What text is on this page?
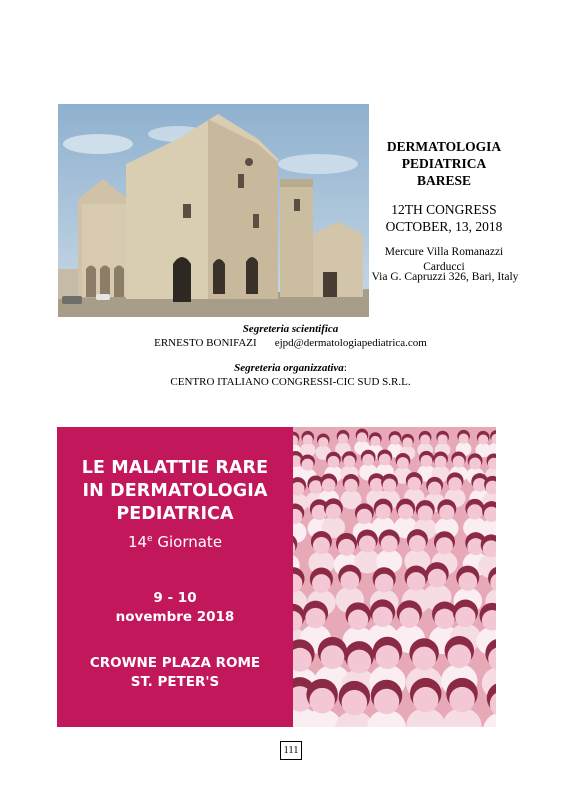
DERMATOLOGIA
PEDIATRICA
BARESE
12TH CONGRESS
OCTOBER, 13, 2018
Mercure Villa Romanazzi
Carducci
Via G. Capruzzi 326, Bari, Italy
Segreteria scientifica
ERNESTO BONIFAZI ejpd@dermatologiapediatrica.com
Segreteria organizzativa:
CENTRO ITALIANO CONGRESSI-CIC SUD S.R.L.
LE MALATTIE RARE
IN DERMATOLOGIA
PEDIATRICA
14e Giornate
9 - 10
novembre 2018
CROWNE PLAZA ROME
ST. PETER'S
111
